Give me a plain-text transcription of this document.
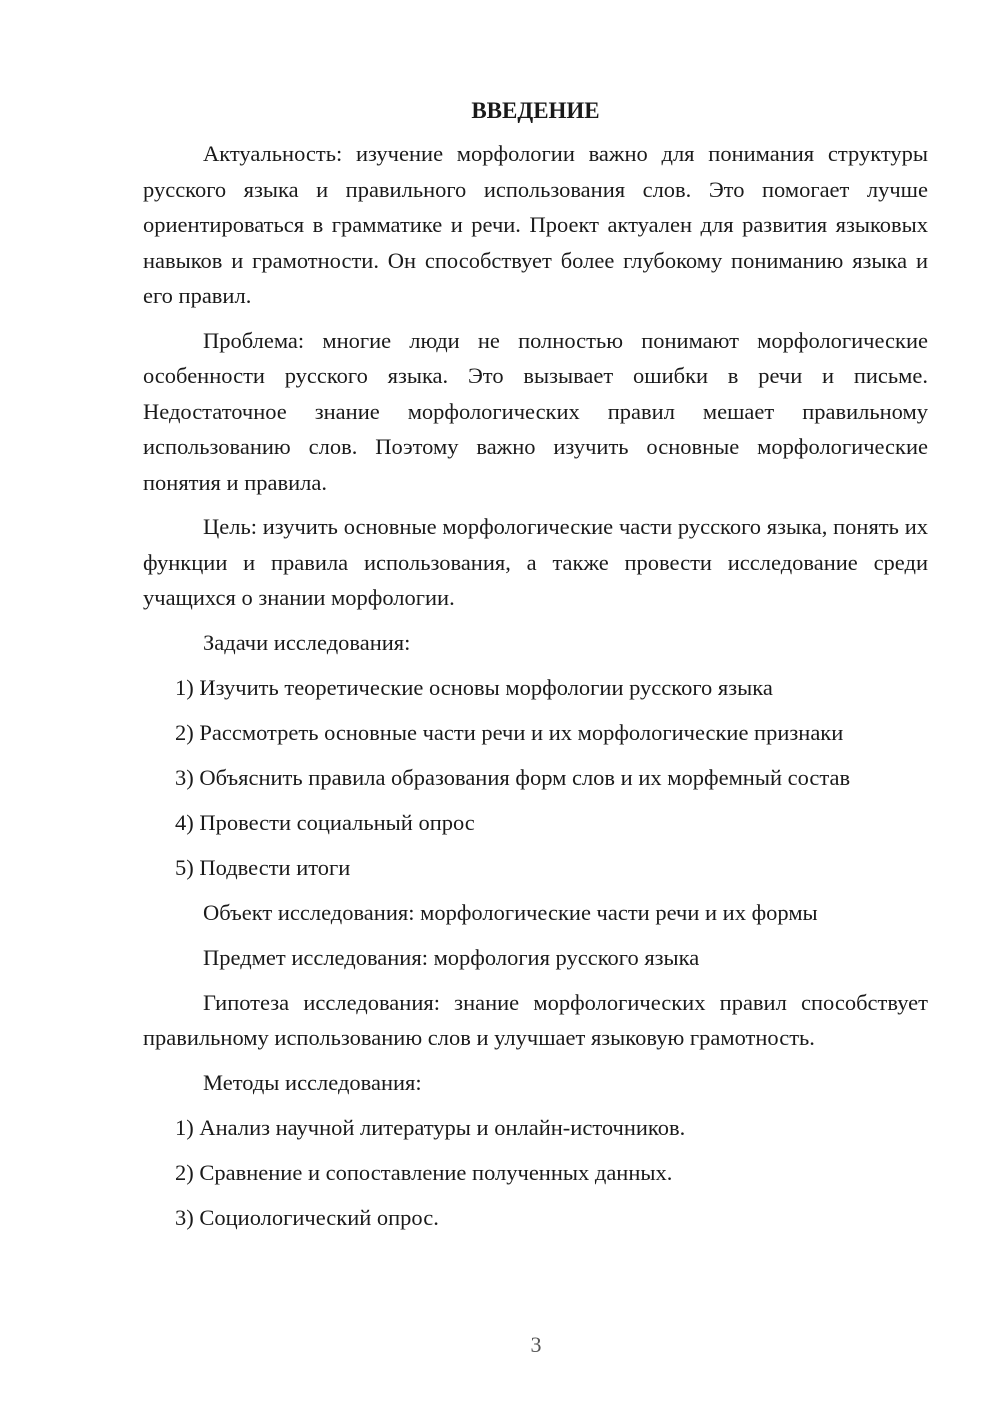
ВВЕДЕНИЕ

Актуальность: изучение морфологии важно для понимания структуры русского языка и правильного использования слов. Это помогает лучше ориентироваться в грамматике и речи. Проект актуален для развития языковых навыков и грамотности. Он способствует более глубокому пониманию языка и его правил.

Проблема: многие люди не полностью понимают морфологические особенности русского языка. Это вызывает ошибки в речи и письме. Недостаточное знание морфологических правил мешает правильному использованию слов. Поэтому важно изучить основные морфологические понятия и правила.

Цель: изучить основные морфологические части русского языка, понять их функции и правила использования, а также провести исследование среди учащихся о знании морфологии.

Задачи исследования:
1) Изучить теоретические основы морфологии русского языка
2) Рассмотреть основные части речи и их морфологические признаки
3) Объяснить правила образования форм слов и их морфемный состав
4) Провести социальный опрос
5) Подвести итоги
Объект исследования: морфологические части речи и их формы
Предмет исследования: морфология русского языка

Гипотеза исследования: знание морфологических правил способствует правильному использованию слов и улучшает языковую грамотность.

Методы исследования:
1) Анализ научной литературы и онлайн-источников.
2) Сравнение и сопоставление полученных данных.
3) Социологический опрос.
3
